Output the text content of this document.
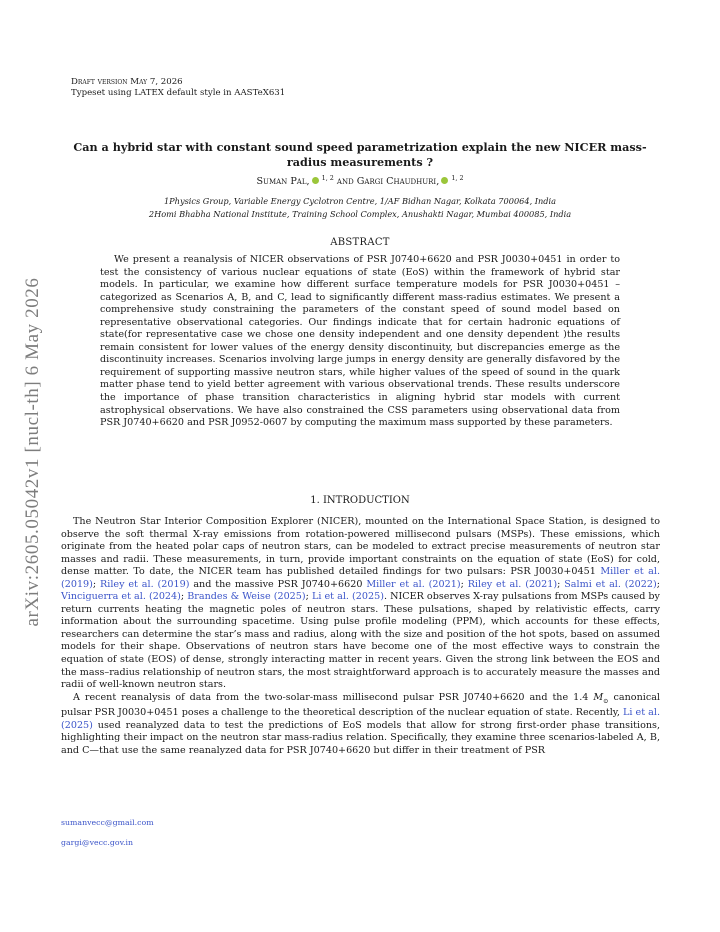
arXiv:2605.05042v1 [nucl-th] 6 May 2026
Draft version May 7, 2026
Typeset using LATEX default style in AASTeX631
Can a hybrid star with constant sound speed parametrization explain the new NICER mass-radius measurements ?
Suman Pal, $^{1, 2}$ and Gargi Chaudhuri, $^{1, 2}$
1Physics Group, Variable Energy Cyclotron Centre, 1/AF Bidhan Nagar, Kolkata 700064, India
2Homi Bhabha National Institute, Training School Complex, Anushakti Nagar, Mumbai 400085, India
ABSTRACT

We present a reanalysis of NICER observations of PSR J0740+6620 and PSR J0030+0451 in order to test the consistency of various nuclear equations of state (EoS) within the framework of hybrid star models. In particular, we examine how different surface temperature models for PSR J0030+0451 – categorized as Scenarios A, B, and C, lead to significantly different mass-radius estimates. We present a comprehensive study constraining the parameters of the constant speed of sound model based on representative observational categories. Our findings indicate that for certain hadronic equations of state(for representative case we chose one density independent and one density dependent )the results remain consistent for lower values of the energy density discontinuity, but discrepancies emerge as the discontinuity increases. Scenarios involving large jumps in energy density are generally disfavored by the requirement of supporting massive neutron stars, while higher values of the speed of sound in the quark matter phase tend to yield better agreement with various observational trends. These results underscore the importance of phase transition characteristics in aligning hybrid star models with current astrophysical observations. We have also constrained the CSS parameters using observational data from PSR J0740+6620 and PSR J0952-0607 by computing the maximum mass supported by these parameters.

1. INTRODUCTION

The Neutron Star Interior Composition Explorer (NICER), mounted on the International Space Station, is designed to observe the soft thermal X-ray emissions from rotation-powered millisecond pulsars (MSPs). These emissions, which originate from the heated polar caps of neutron stars, can be modeled to extract precise measurements of neutron star masses and radii. These measurements, in turn, provide important constraints on the equation of state (EoS) for cold, dense matter. To date, the NICER team has published detailed findings for two pulsars: PSR J0030+0451 Miller et al. (2019); Riley et al. (2019) and the massive PSR J0740+6620 Miller et al. (2021); Riley et al. (2021); Salmi et al. (2022); Vinciguerra et al. (2024); Brandes & Weise (2025); Li et al. (2025). NICER observes X-ray pulsations from MSPs caused by return currents heating the magnetic poles of neutron stars. These pulsations, shaped by relativistic effects, carry information about the surrounding spacetime. Using pulse profile modeling (PPM), which accounts for these effects, researchers can determine the star’s mass and radius, along with the size and position of the hot spots, based on assumed models for their shape. Observations of neutron stars have become one of the most effective ways to constrain the equation of state (EOS) of dense, strongly interacting matter in recent years. Given the strong link between the EOS and the mass–radius relationship of neutron stars, the most straightforward approach is to accurately measure the masses and radii of well-known neutron stars.

A recent reanalysis of data from the two-solar-mass millisecond pulsar PSR J0740+6620 and the 1.4 $M_⊙$ canonical pulsar PSR J0030+0451 poses a challenge to the theoretical description of the nuclear equation of state. Recently, Li et al. (2025) used reanalyzed data to test the predictions of EoS models that allow for strong first-order phase transitions, highlighting their impact on the neutron star mass-radius relation. Specifically, they examine three scenarios-labeled A, B, and C—that use the same reanalyzed data for PSR J0740+6620 but differ in their treatment of PSR

sumanvecc@gmail.com
gargi@vecc.gov.in
